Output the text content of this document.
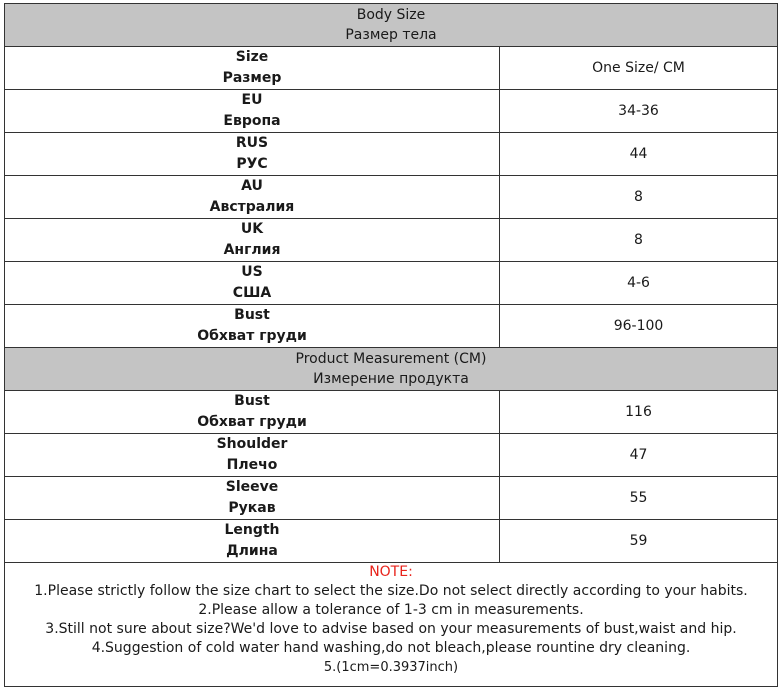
Body Size
Размер тела
Size
Размер
One Size/ CM
EU
Европа
34-36
RUS
РУС
44
AU
Австралия
8
UK
Англия
8
US
США
4-6
Bust
Обхват груди
96-100
Product Measurement (CM)
Измерение продукта
Bust
Обхват груди
116
Shoulder
Плечо
47
Sleeve
Рукав
55
Length
Длина
59
NOTE:
1.Please strictly follow the size chart to select the size.Do not select directly according to your habits.
2.Please allow a tolerance of 1-3 cm in measurements.
3.Still not sure about size?We'd love to advise based on your measurements of bust,waist and hip.
4.Suggestion of cold water hand washing,do not bleach,please rountine dry cleaning.
5.(1cm=0.3937inch)
